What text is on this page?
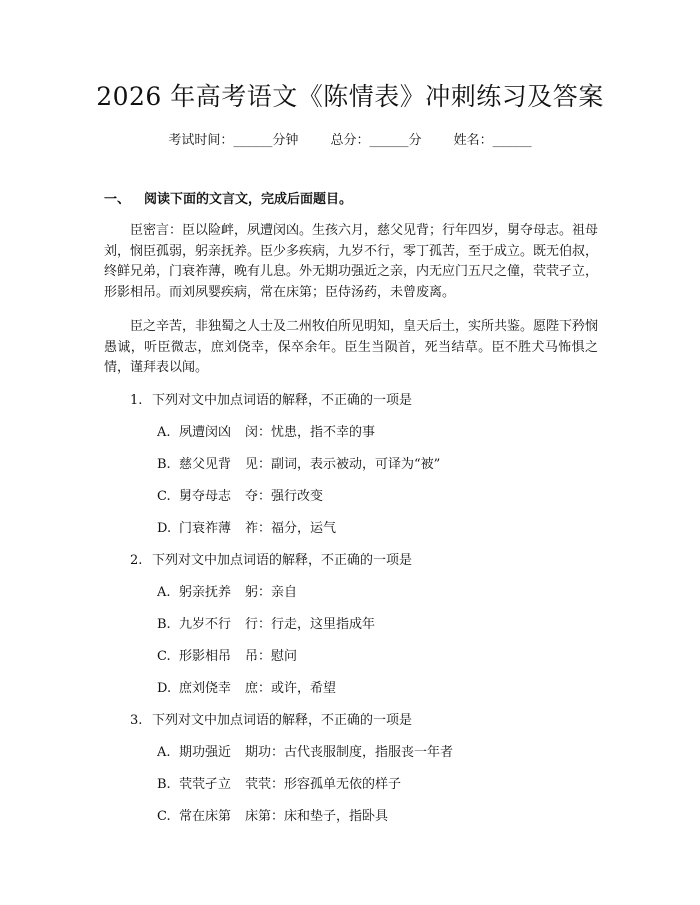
2026 年高考语文《陈情表》冲刺练习及答案
考试时间：______分钟 总分：______分 姓名：______
一、 阅读下面的文言文，完成后面题目。
臣密言：臣以险衅，夙遭闵凶。生孩六月，慈父见背；行年四岁，舅夺母志。祖母刘，悯臣孤弱，躬亲抚养。臣少多疾病，九岁不行，零丁孤苦，至于成立。既无伯叔，终鲜兄弟，门衰祚薄，晚有儿息。外无期功强近之亲，内无应门五尺之僮，茕茕孑立，形影相吊。而刘夙婴疾病，常在床第；臣侍汤药，未曾废离。
臣之辛苦，非独蜀之人士及二州牧伯所见明知，皇天后土，实所共鉴。愿陛下矜悯愚诚，听臣微志，庶刘侥幸，保卒余年。臣生当陨首，死当结草。臣不胜犬马怖惧之情，谨拜表以闻。
1. 下列对文中加点词语的解释，不正确的一项是
A. 夙遭闵凶 闵：忧患，指不幸的事
B. 慈父见背 见：副词，表示被动，可译为“被”
C. 舅夺母志 夺：强行改变
D. 门衰祚薄 祚：福分，运气
2. 下列对文中加点词语的解释，不正确的一项是
A. 躬亲抚养 躬：亲自
B. 九岁不行 行：行走，这里指成年
C. 形影相吊 吊：慰问
D. 庶刘侥幸 庶：或许，希望
3. 下列对文中加点词语的解释，不正确的一项是
A. 期功强近 期功：古代丧服制度，指服丧一年者
B. 茕茕孑立 茕茕：形容孤单无依的样子
C. 常在床第 床第：床和垫子，指卧具
